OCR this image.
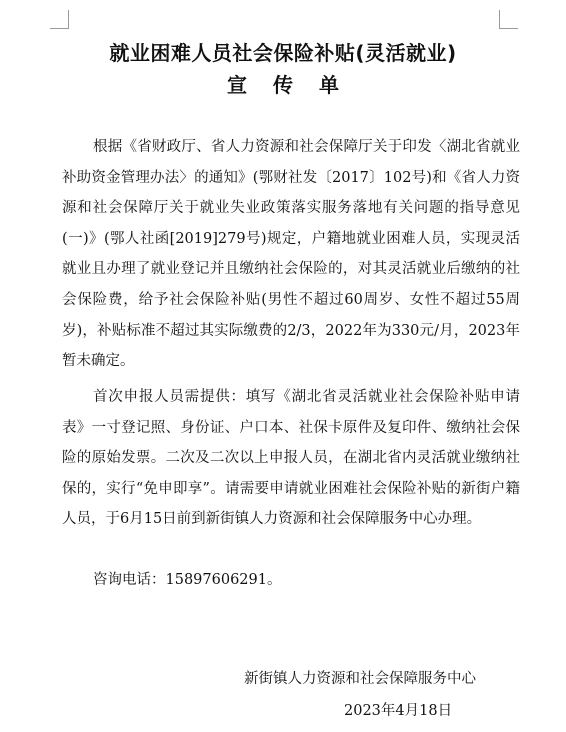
就业困难人员社会保险补贴(灵活就业)
宣传单
根据《省财政厅、省人力资源和社会保障厅关于印发〈湖北省就业补助资金管理办法〉的通知》(鄂财社发〔2017〕102号)和《省人力资源和社会保障厅关于就业失业政策落实服务落地有关问题的指导意见(一)》(鄂人社函[2019]279号)规定，户籍地就业困难人员，实现灵活就业且办理了就业登记并且缴纳社会保险的，对其灵活就业后缴纳的社会保险费，给予社会保险补贴(男性不超过60周岁、女性不超过55周岁)，补贴标准不超过其实际缴费的2/3，2022年为330元/月，2023年暂未确定。
首次申报人员需提供：填写《湖北省灵活就业社会保险补贴申请表》一寸登记照、身份证、户口本、社保卡原件及复印件、缴纳社会保险的原始发票。二次及二次以上申报人员，在湖北省内灵活就业缴纳社保的，实行“免申即享”。请需要申请就业困难社会保险补贴的新街户籍人员，于6月15日前到新街镇人力资源和社会保障服务中心办理。
咨询电话：15897606291。
新街镇人力资源和社会保障服务中心
2023年4月18日
